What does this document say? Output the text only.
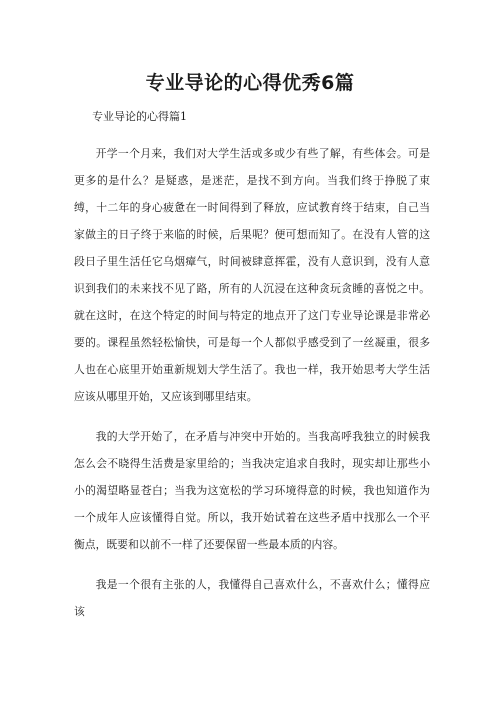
专业导论的心得优秀6篇
专业导论的心得篇1

开学一个月来，我们对大学生活或多或少有些了解，有些体会。可是更多的是什么？是疑惑，是迷茫，是找不到方向。当我们终于挣脱了束缚，十二年的身心疲惫在一时间得到了释放，应试教育终于结束，自己当家做主的日子终于来临的时候，后果呢？便可想而知了。在没有人管的这段日子里生活任它乌烟瘴气，时间被肆意挥霍，没有人意识到，没有人意识到我们的未来找不见了路，所有的人沉浸在这种贪玩贪睡的喜悦之中。就在这时，在这个特定的时间与特定的地点开了这门专业导论课是非常必要的。课程虽然轻松愉快，可是每一个人都似乎感受到了一丝凝重，很多人也在心底里开始重新规划大学生活了。我也一样，我开始思考大学生活应该从哪里开始，又应该到哪里结束。

我的大学开始了，在矛盾与冲突中开始的。当我高呼我独立的时候我怎么会不晓得生活费是家里给的；当我决定追求自我时，现实却让那些小小的渴望略显苍白；当我为这宽松的学习环境得意的时候，我也知道作为一个成年人应该懂得自觉。所以，我开始试着在这些矛盾中找那么一个平衡点，既要和以前不一样了还要保留一些最本质的内容。

我是一个很有主张的人，我懂得自己喜欢什么，不喜欢什么；懂得应该
